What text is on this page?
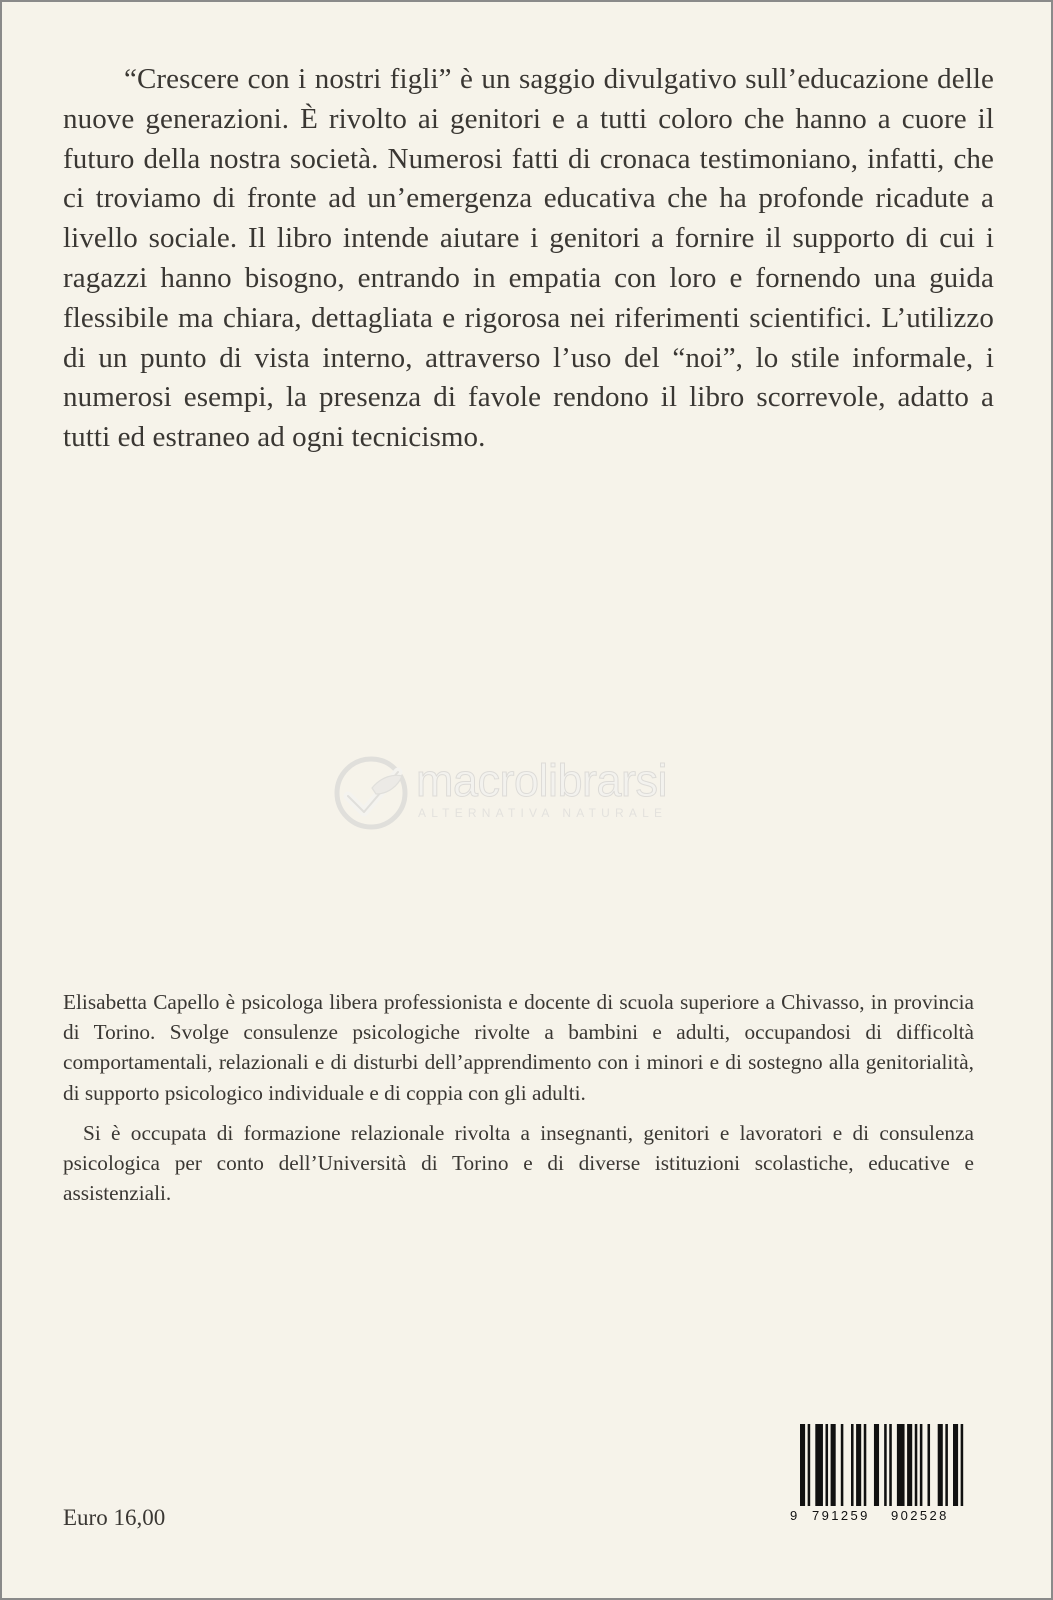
“Crescere con i nostri figli” è un saggio divulgativo sull’educazione delle nuove generazioni. È rivolto ai genitori e a tutti coloro che hanno a cuore il futuro della nostra società. Numerosi fatti di cronaca testimoniano, infatti, che ci troviamo di fronte ad un’emergenza educativa che ha profonde ricadute a livello sociale. Il libro intende aiutare i genitori a fornire il supporto di cui i ragazzi hanno bisogno, entrando in empatia con loro e fornendo una guida flessibile ma chiara, dettagliata e rigorosa nei riferimenti scientifici. L’utilizzo di un punto di vista interno, attraverso l’uso del “noi”, lo stile informale, i numerosi esempi, la presenza di favole rendono il libro scorrevole, adatto a tutti ed estraneo ad ogni tecnicismo.

macrolibrarsi
ALTERNATIVA NATURALE

Elisabetta Capello è psicologa libera professionista e docente di scuola superiore a Chivasso, in provincia di Torino. Svolge consulenze psicologiche rivolte a bambini e adulti, occupandosi di difficoltà comportamentali, relazionali e di disturbi dell’apprendimento con i minori e di sostegno alla genitorialità, di supporto psicologico individuale e di coppia con gli adulti.

Si è occupata di formazione relazionale rivolta a insegnanti, genitori e lavoratori e di consulenza psicologica per conto dell’Università di Torino e di diverse istituzioni scolastiche, educative e assistenziali.

Euro 16,00	9 791259 902528
